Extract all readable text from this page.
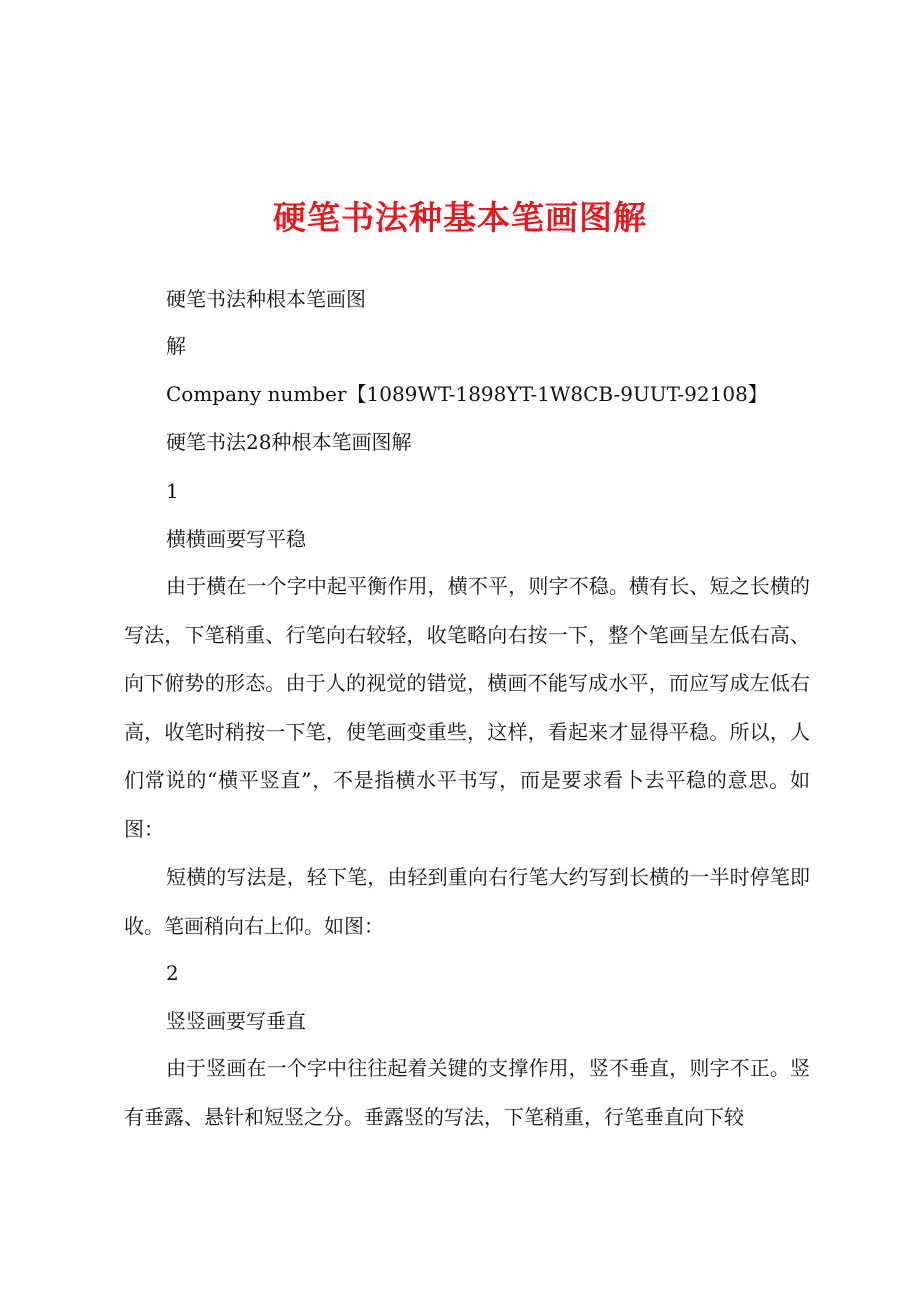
硬笔书法种基本笔画图解
硬笔书法种根本笔画图
解
Company number【1089WT-1898YT-1W8CB-9UUT-92108】
硬笔书法28种根本笔画图解
1
横横画要写平稳

由于横在一个字中起平衡作用，横不平，则字不稳。横有长、短之长横的写法，下笔稍重、行笔向右较轻，收笔略向右按一下，整个笔画呈左低右高、向下俯势的形态。由于人的视觉的错觉，横画不能写成水平，而应写成左低右高，收笔时稍按一下笔，使笔画变重些，这样，看起来才显得平稳。所以，人们常说的“横平竖直”，不是指横水平书写，而是要求看卜去平稳的意思。如图：

短横的写法是，轻下笔，由轻到重向右行笔大约写到长横的一半时停笔即收。笔画稍向右上仰。如图：

2
竖竖画要写垂直

由于竖画在一个字中往往起着关键的支撑作用，竖不垂直，则字不正。竖有垂露、悬针和短竖之分。垂露竖的写法，下笔稍重，行笔垂直向下较
